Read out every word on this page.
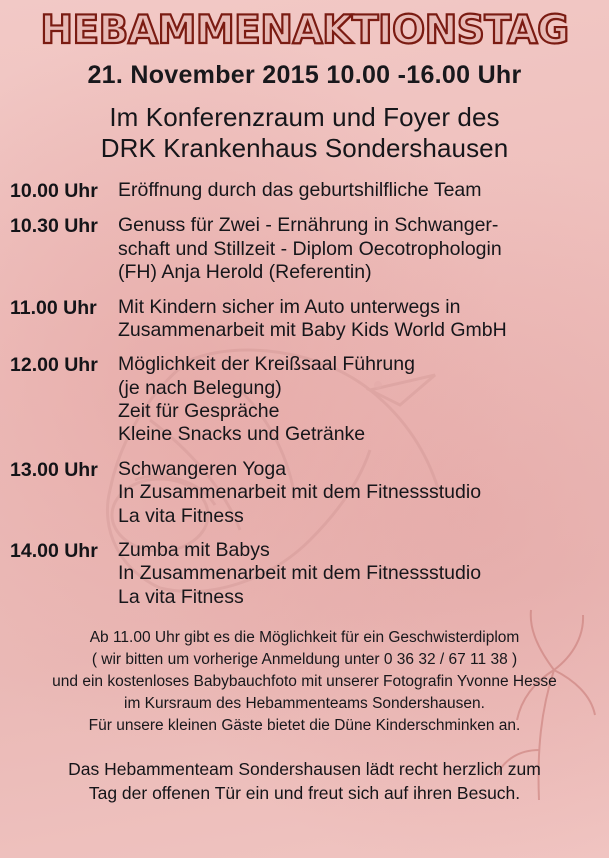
HEBAMMENAKTIONSTAG
21. November 2015 10.00 -16.00 Uhr
Im Konferenzraum und Foyer des
DRK Krankenhaus Sondershausen
10.00 Uhr	Eröffnung durch das geburtshilfliche Team
10.30 Uhr	Genuss für Zwei - Ernährung in Schwanger-
schaft und Stillzeit - Diplom Oecotrophologin
(FH) Anja Herold (Referentin)
11.00 Uhr	Mit Kindern sicher im Auto unterwegs in
Zusammenarbeit mit Baby Kids World GmbH
12.00 Uhr	Möglichkeit der Kreißsaal Führung
(je nach Belegung)
Zeit für Gespräche
Kleine Snacks und Getränke
13.00 Uhr	Schwangeren Yoga
In Zusammenarbeit mit dem Fitnessstudio
La vita Fitness
14.00 Uhr	Zumba mit Babys
In Zusammenarbeit mit dem Fitnessstudio
La vita Fitness
Ab 11.00 Uhr gibt es die Möglichkeit für ein Geschwisterdiplom
( wir bitten um vorherige Anmeldung unter 0 36 32 / 67 11 38 )
und ein kostenloses Babybauchfoto mit unserer Fotografin Yvonne Hesse
im Kursraum des Hebammenteams Sondershausen.
Für unsere kleinen Gäste bietet die Düne Kinderschminken an.
Das Hebammenteam Sondershausen lädt recht herzlich zum
Tag der offenen Tür ein und freut sich auf ihren Besuch.
